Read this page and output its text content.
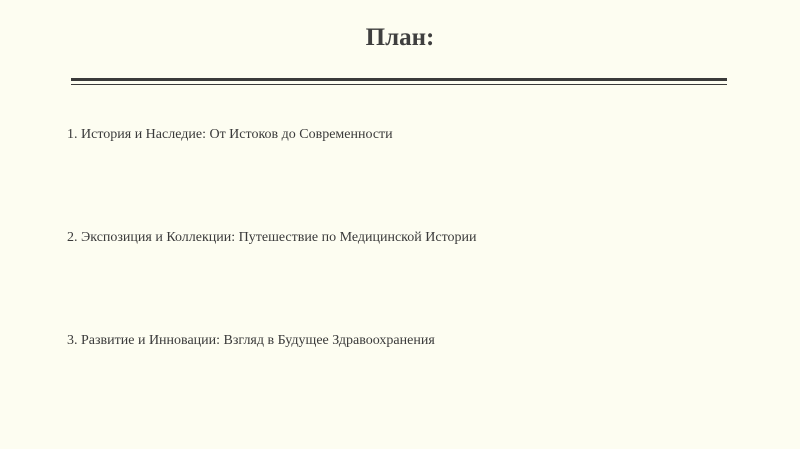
План:
1. История и Наследие: От Истоков до Современности
2. Экспозиция и Коллекции: Путешествие по Медицинской Истории
3. Развитие и Инновации: Взгляд в Будущее Здравоохранения
